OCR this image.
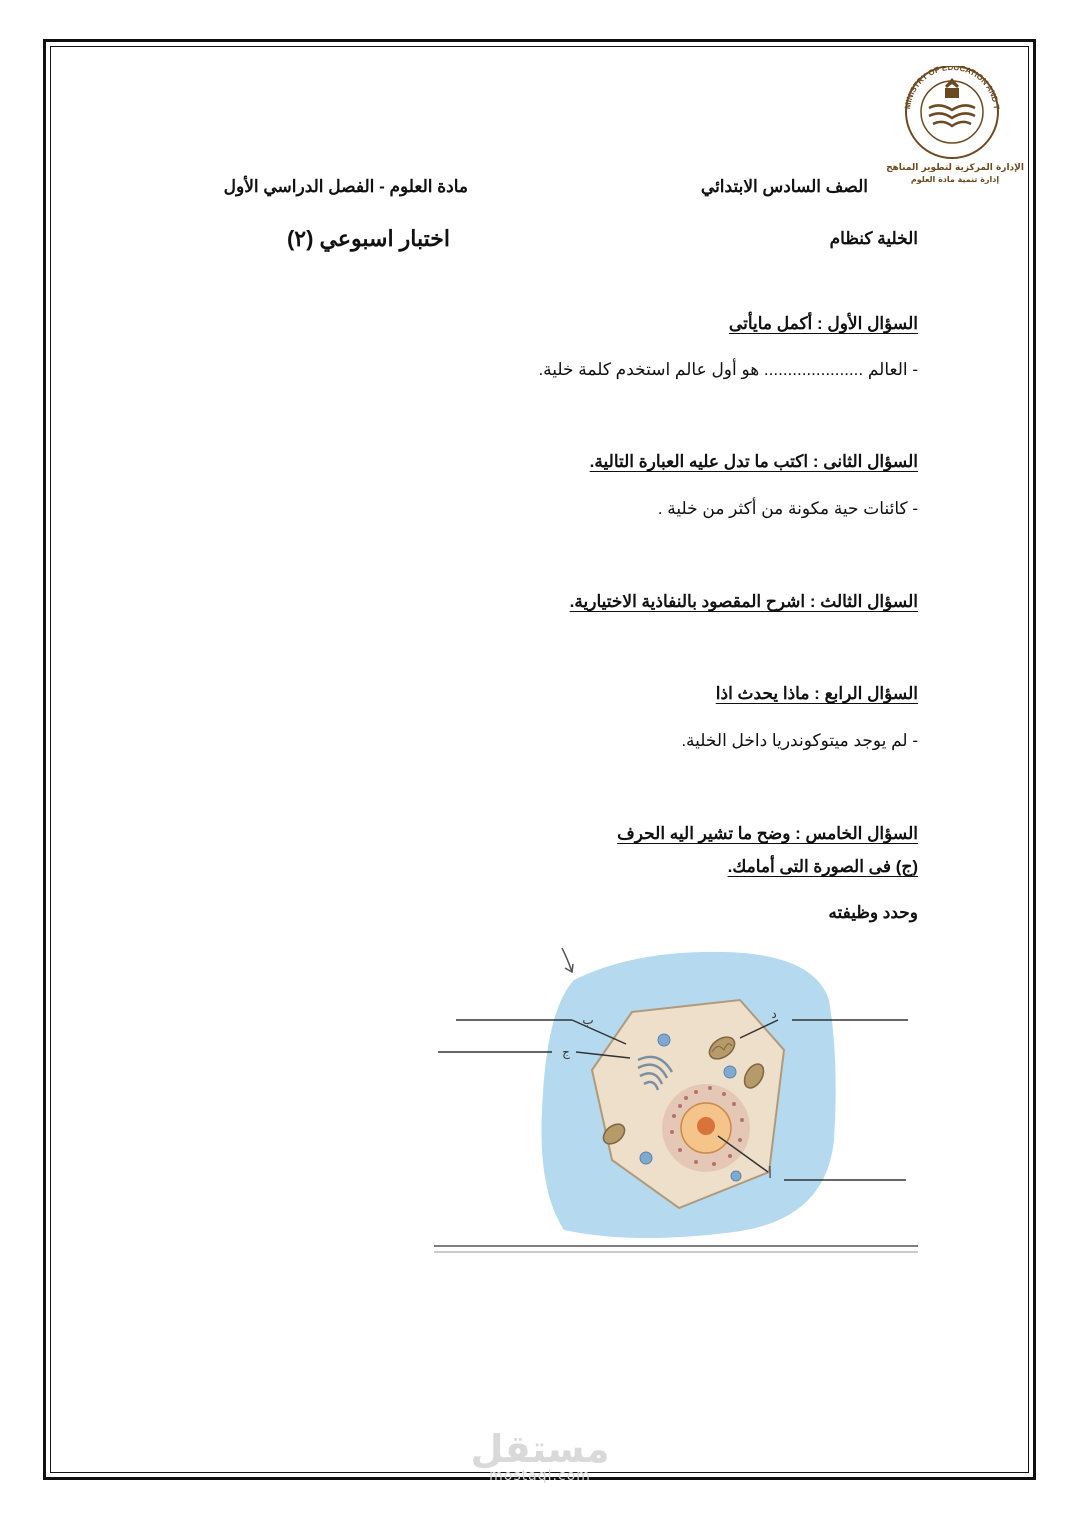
MINISTRY OF EDUCATION AND T
الإدارة المركزية لتطوير المناهج
إدارة تنمية مادة العلوم
الصف السادس الابتدائي
مادة العلوم - الفصل الدراسي الأول
الخلية كنظام
اختبار اسبوعي (٢)
السؤال الأول : أكمل مايأتى
- العالم ..................... هو أول عالم استخدم كلمة خلية.
السؤال الثانى : اكتب ما تدل عليه العبارة التالية.
- كائنات حية مكونة من أكثر من خلية .
السؤال الثالث : اشرح المقصود بالنفاذية الاختيارية.
السؤال الرابع : ماذا يحدث اذا
- لم يوجد ميتوكوندريا داخل الخلية.
السؤال الخامس : وضح ما تشير اليه الحرف
(ج) فى الصورة التى أمامك.
وحدد وظيفته
ب
ج
د
أ
مستقل
mostaql.com
